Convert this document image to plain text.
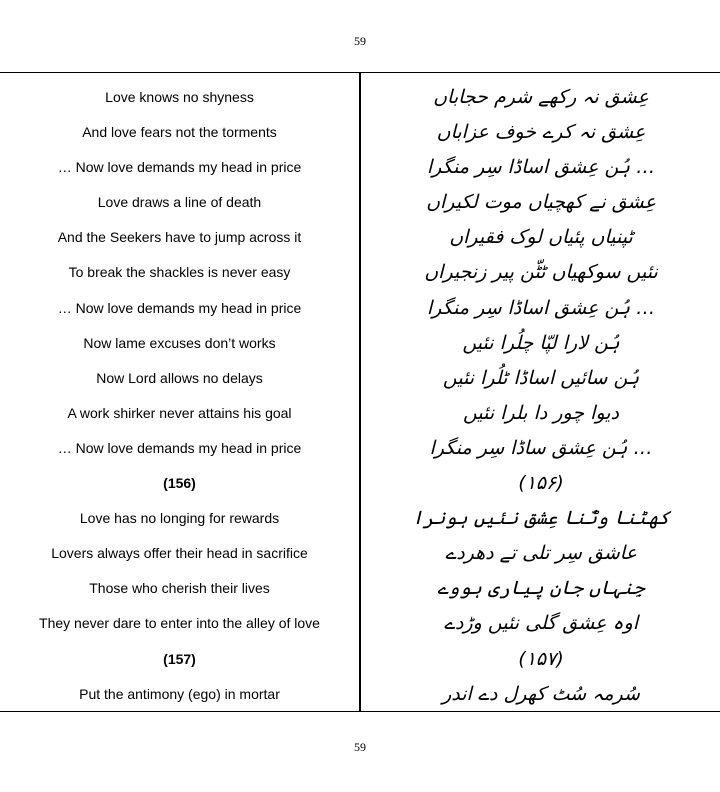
59
Love knows no shyness	عِشق نہ رکھے شرم حجاباں
And love fears not the torments	عِشق نہ کرے خوف عزاباں
… Now love demands my head in price	… ہُن عِشق اساڈا سِر منگرا
Love draws a line of death	عِشق نے کھچیاں موت لکیراں
And the Seekers have to jump across it	ٹپنیاں پئیاں لوک فقیراں
To break the shackles is never easy	نئیں سوکھیاں ٹٹّن پیر زنجیراں
… Now love demands my head in price	… ہُن عِشق اساڈا سِر منگرا
Now lame excuses don’t works	ہُن لارا لپّا چلُرا نئیں
Now Lord allows no delays	ہُن سائیں اساڈا ٹلُرا نئیں
A work shirker never attains his goal	دیوا چور دا بلرا نئیں
… Now love demands my head in price	… ہُن عِشق ساڈا سِر منگرا
(156)	(۱۵۶)
Love has no longing for rewards	کھٹنا وٹّنا عِشق نئیں ہونرا
Lovers always offer their head in sacrifice	عاشق سِر تلی تے دھردے
Those who cherish their lives	جِنہاں جان پیاری ہووے
They never dare to enter into the alley of love	اوہ عِشق گلی نئیں وڑدے
(157)	(۱۵۷)
Put the antimony (ego) in mortar	سُرمہ سُٹ کھرل دے اندر
59
